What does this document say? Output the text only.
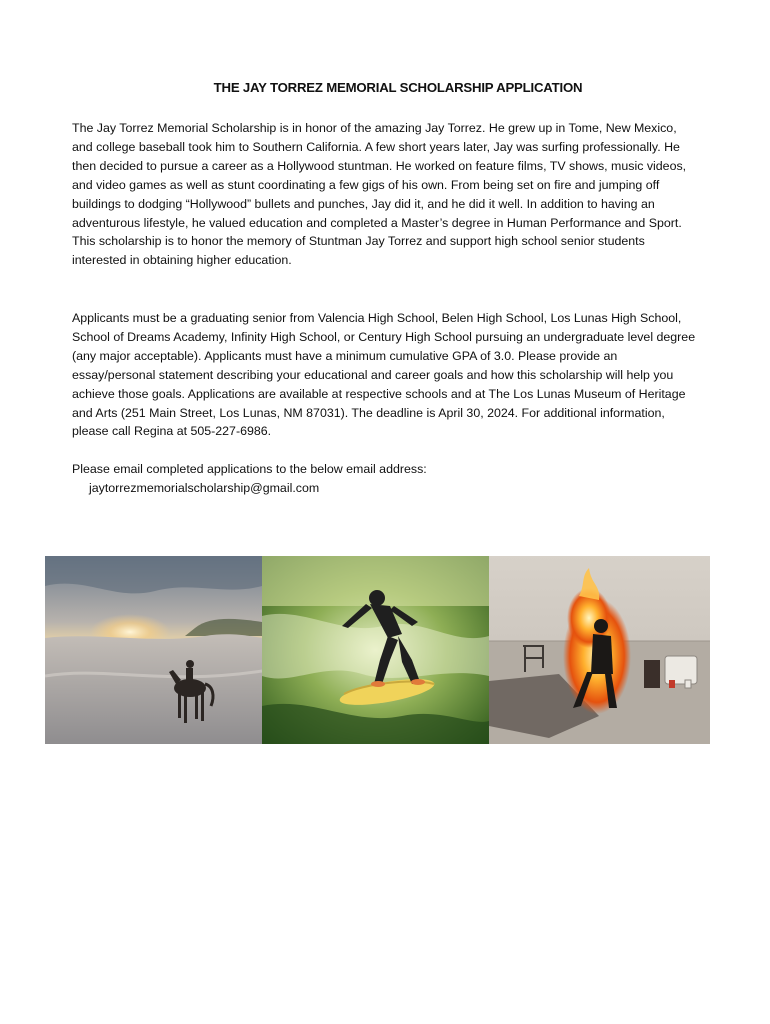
THE JAY TORREZ MEMORIAL SCHOLARSHIP APPLICATION

The Jay Torrez Memorial Scholarship is in honor of the amazing Jay Torrez. He grew up in Tome, New Mexico, and college baseball took him to Southern California. A few short years later, Jay was surfing professionally. He then decided to pursue a career as a Hollywood stuntman. He worked on feature films, TV shows, music videos, and video games as well as stunt coordinating a few gigs of his own. From being set on fire and jumping off buildings to dodging “Hollywood” bullets and punches, Jay did it, and he did it well. In addition to having an adventurous lifestyle, he valued education and completed a Master’s degree in Human Performance and Sport. This scholarship is to honor the memory of Stuntman Jay Torrez and support high school senior students interested in obtaining higher education.

Applicants must be a graduating senior from Valencia High School, Belen High School, Los Lunas High School, School of Dreams Academy, Infinity High School, or Century High School pursuing an undergraduate level degree (any major acceptable). Applicants must have a minimum cumulative GPA of 3.0. Please provide an essay/personal statement describing your educational and career goals and how this scholarship will help you achieve those goals. Applications are available at respective schools and at The Los Lunas Museum of Heritage and Arts (251 Main Street, Los Lunas, NM 87031). The deadline is April 30, 2024. For additional information, please call Regina at 505-227-6986.

Please email completed applications to the below email address:
jaytorrezmemorialscholarship@gmail.com
